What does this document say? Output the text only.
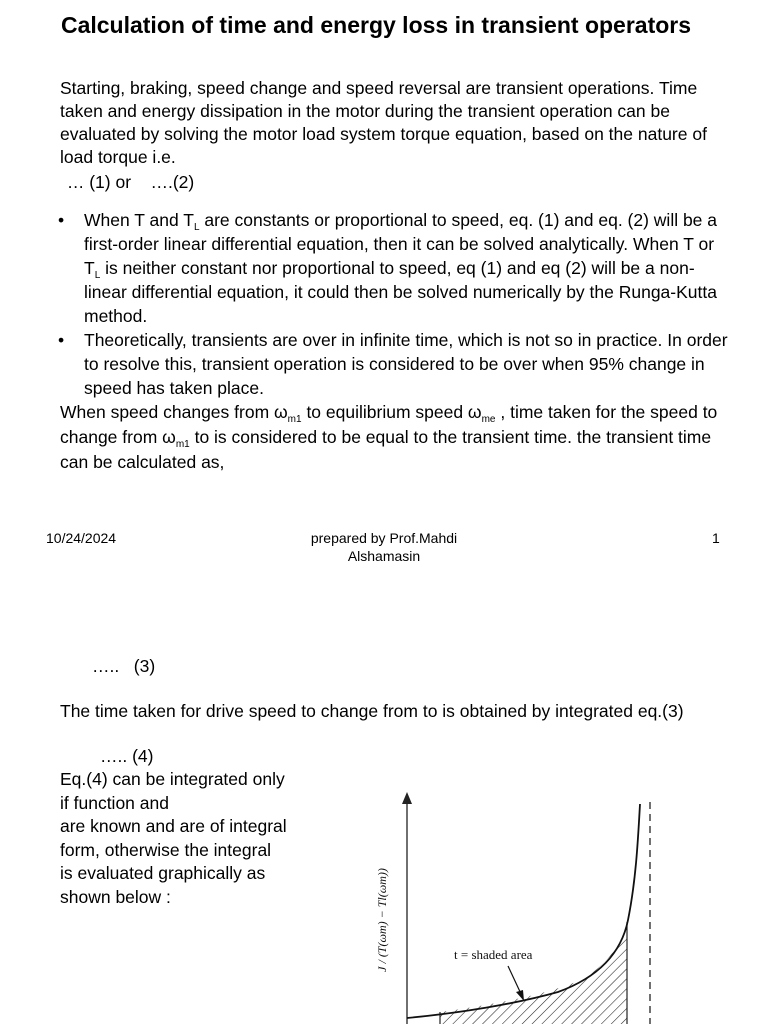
Calculation of time and energy loss in transient operators
Starting, braking, speed change and speed reversal are transient operations. Time taken and energy dissipation in the motor during the transient operation can be evaluated by solving the motor load system torque equation, based on the nature of load torque i.e.
… (1) or    ….(2)
• When T and $T_L$ are constants or proportional to speed, eq. (1) and eq. (2) will be a first-order linear differential equation, then it can be solved analytically. When T or $T_L$ is neither constant nor proportional to speed, eq (1) and eq (2) will be a non-linear differential equation, it could then be solved numerically by the Runga-Kutta method.
• Theoretically, transients are over in infinite time, which is not so in practice. In order to resolve this, transient operation is considered to be over when 95% change in speed has taken place.
When speed changes from $\omega_{m1}$ to equilibrium speed $\omega_{me}$ , time taken for the speed to change from $\omega_{m1}$ to is considered to be equal to the transient time. the transient time can be calculated as,
10/24/2024	prepared by Prof.Mahdi Alshamasin
1
…..   (3)
The time taken for drive speed to change from to is obtained by integrated eq.(3)
….. (4)
Eq.(4) can be integrated only
if function and
are known and are of integral
form, otherwise the integral
is evaluated graphically as
shown below :
t = shaded area
J / (T(ωm) − Tl(ωm))
